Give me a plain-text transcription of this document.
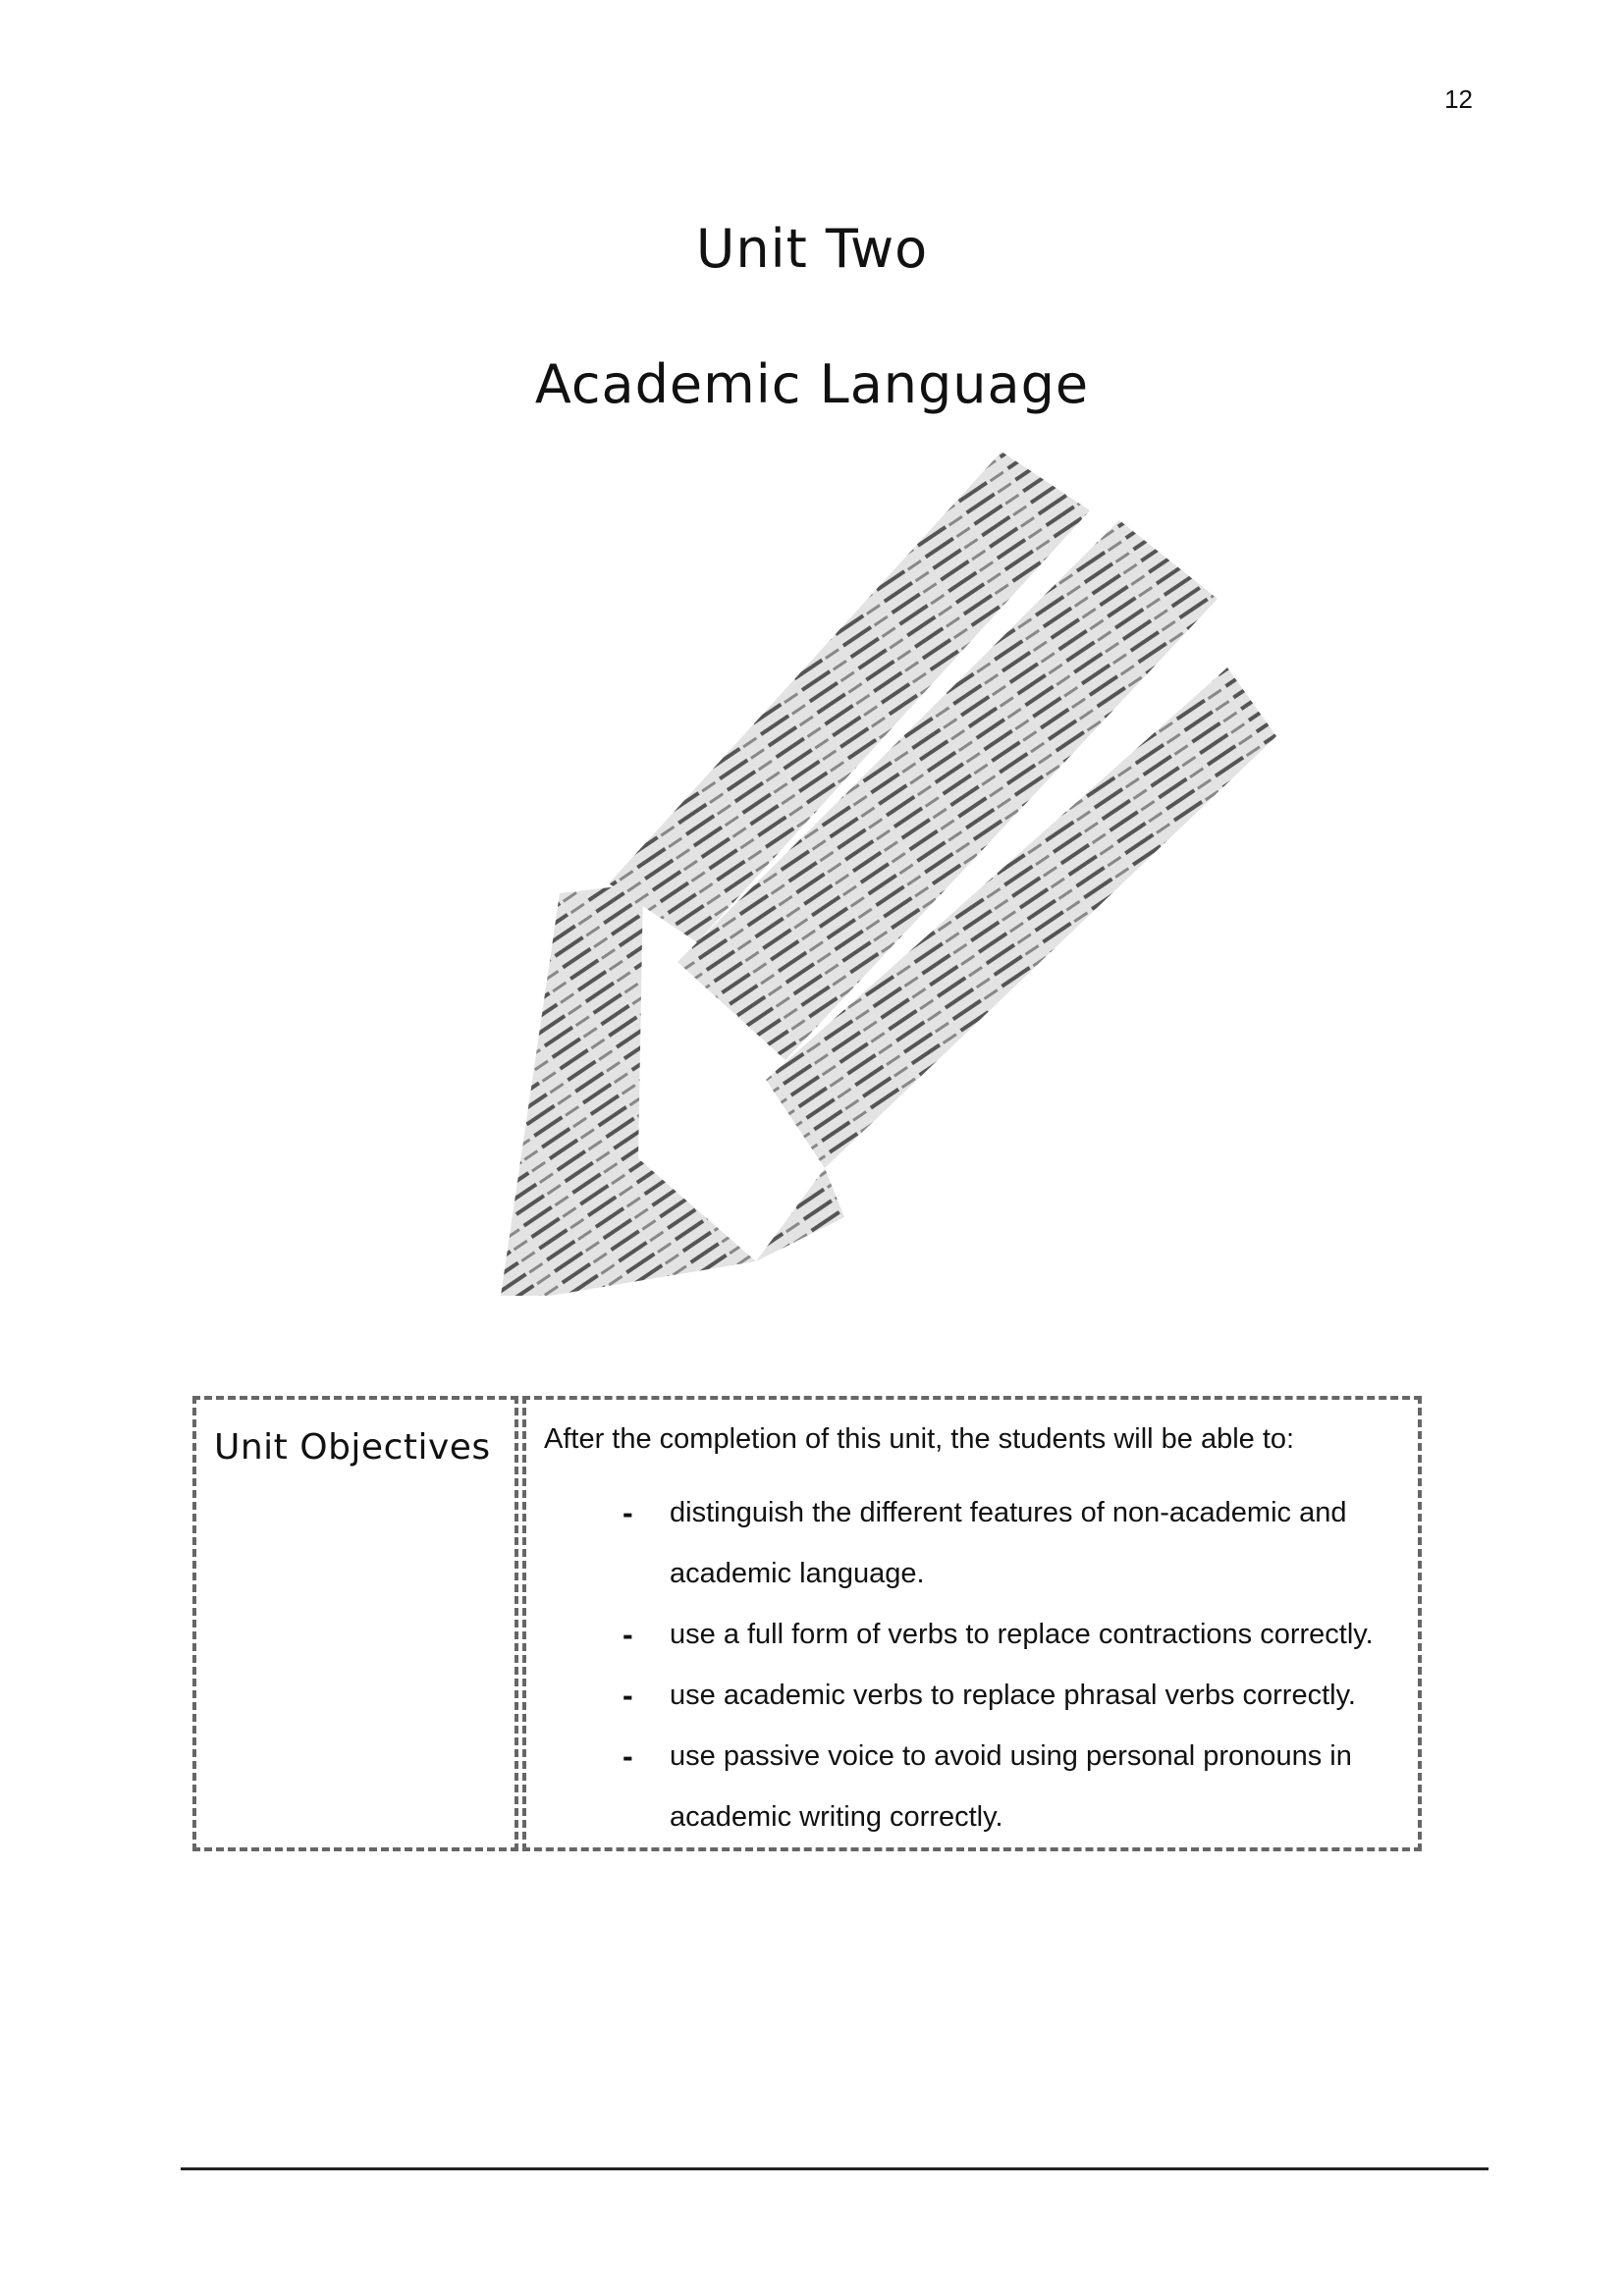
12
Unit Two
Academic Language
Unit Objectives After the completion of this unit, the students will be able to:
- distinguish the different features of non-academic and academic language.
- use a full form of verbs to replace contractions correctly.
- use academic verbs to replace phrasal verbs correctly.
- use passive voice to avoid using personal pronouns in academic writing correctly.
